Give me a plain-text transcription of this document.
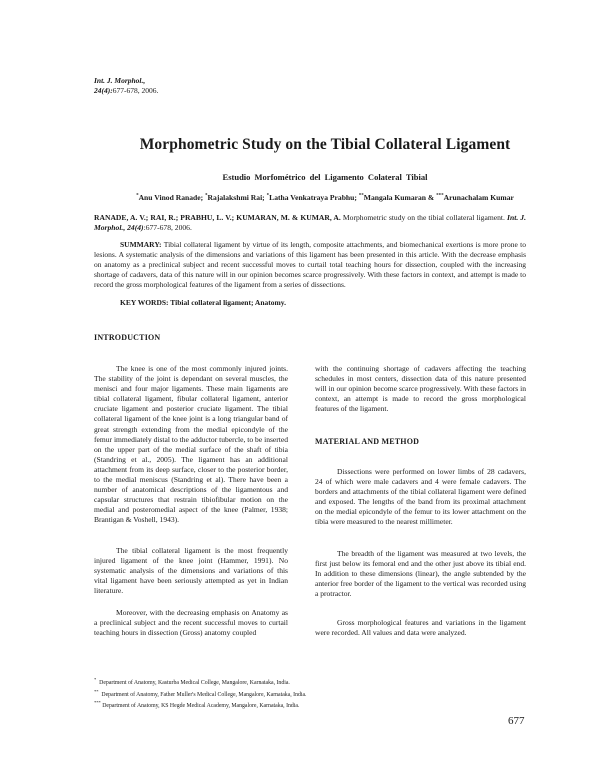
Int. J. Morphol.,
24(4):677-678, 2006.
Morphometric Study on the Tibial Collateral Ligament
Estudio Morfométrico del Ligamento Colateral Tibial
*Anu Vinod Ranade; *Rajalakshmi Rai; *Latha Venkatraya Prabhu; **Mangala Kumaran & ***Arunachalam Kumar
RANADE, A. V.; RAI, R.; PRABHU, L. V.; KUMARAN, M. & KUMAR, A. Morphometric study on the tibial collateral ligament. Int. J. Morphol., 24(4):677-678, 2006.

SUMMARY: Tibial collateral ligament by virtue of its length, composite attachments, and biomechanical exertions is more prone to lesions. A systematic analysis of the dimensions and variations of this ligament has been presented in this article. With the decrease emphasis on anatomy as a preclinical subject and recent successful moves to curtail total teaching hours for dissection, coupled with the increasing shortage of cadavers, data of this nature will in our opinion becomes scarce progressively. With these factors in context, and attempt is made to record the gross morphological features of the ligament from a series of dissections.

KEY WORDS: Tibial collateral ligament; Anatomy.
INTRODUCTION

The knee is one of the most commonly injured joints. The stability of the joint is dependant on several muscles, the menisci and four major ligaments. These main ligaments are tibial collateral ligament, fibular collateral ligament, anterior cruciate ligament and posterior cruciate ligament. The tibial collateral ligament of the knee joint is a long triangular band of great strength extending from the medial epicondyle of the femur immediately distal to the adductor tubercle, to be inserted on the upper part of the medial surface of the shaft of tibia (Standring et al., 2005). The ligament has an additional attachment from its deep surface, closer to the posterior border, to the medial meniscus (Standring et al). There have been a number of anatomical descriptions of the ligamentous and capsular structures that restrain tibiofibular motion on the medial and posteromedial aspect of the knee (Palmer, 1938; Brantigan & Voshell, 1943).

The tibial collateral ligament is the most frequently injured ligament of the knee joint (Hammer, 1991). No systematic analysis of the dimensions and variations of this vital ligament have been seriously attempted as yet in Indian literature.

Moreover, with the decreasing emphasis on Anatomy as a preclinical subject and the recent successful moves to curtail teaching hours in dissection (Gross) anatomy coupled

with the continuing shortage of cadavers affecting the teaching schedules in most centers, dissection data of this nature presented will in our opinion become scarce progressively. With these factors in context, an attempt is made to record the gross morphological features of the ligament.

MATERIAL AND METHOD

Dissections were performed on lower limbs of 28 cadavers, 24 of which were male cadavers and 4 were female cadavers. The borders and attachments of the tibial collateral ligament were defined and exposed. The lengths of the band from its proximal attachment on the medial epicondyle of the femur to its lower attachment on the tibia were measured to the nearest millimeter.

The breadth of the ligament was measured at two levels, the first just below its femoral end and the other just above its tibial end. In addition to these dimensions (linear), the angle subtended by the anterior free border of the ligament to the vertical was recorded using a protractor.

Gross morphological features and variations in the ligament were recorded. All values and data were analyzed.

*  Department of Anatomy, Kasturba Medical College, Mangalore, Karnataka, India.
**  Department of Anatomy, Father Muller's Medical College, Mangalore, Karnataka, India.
*** Department of Anatomy, KS Hegde Medical Academy, Mangalore, Karnataka, India.
677
